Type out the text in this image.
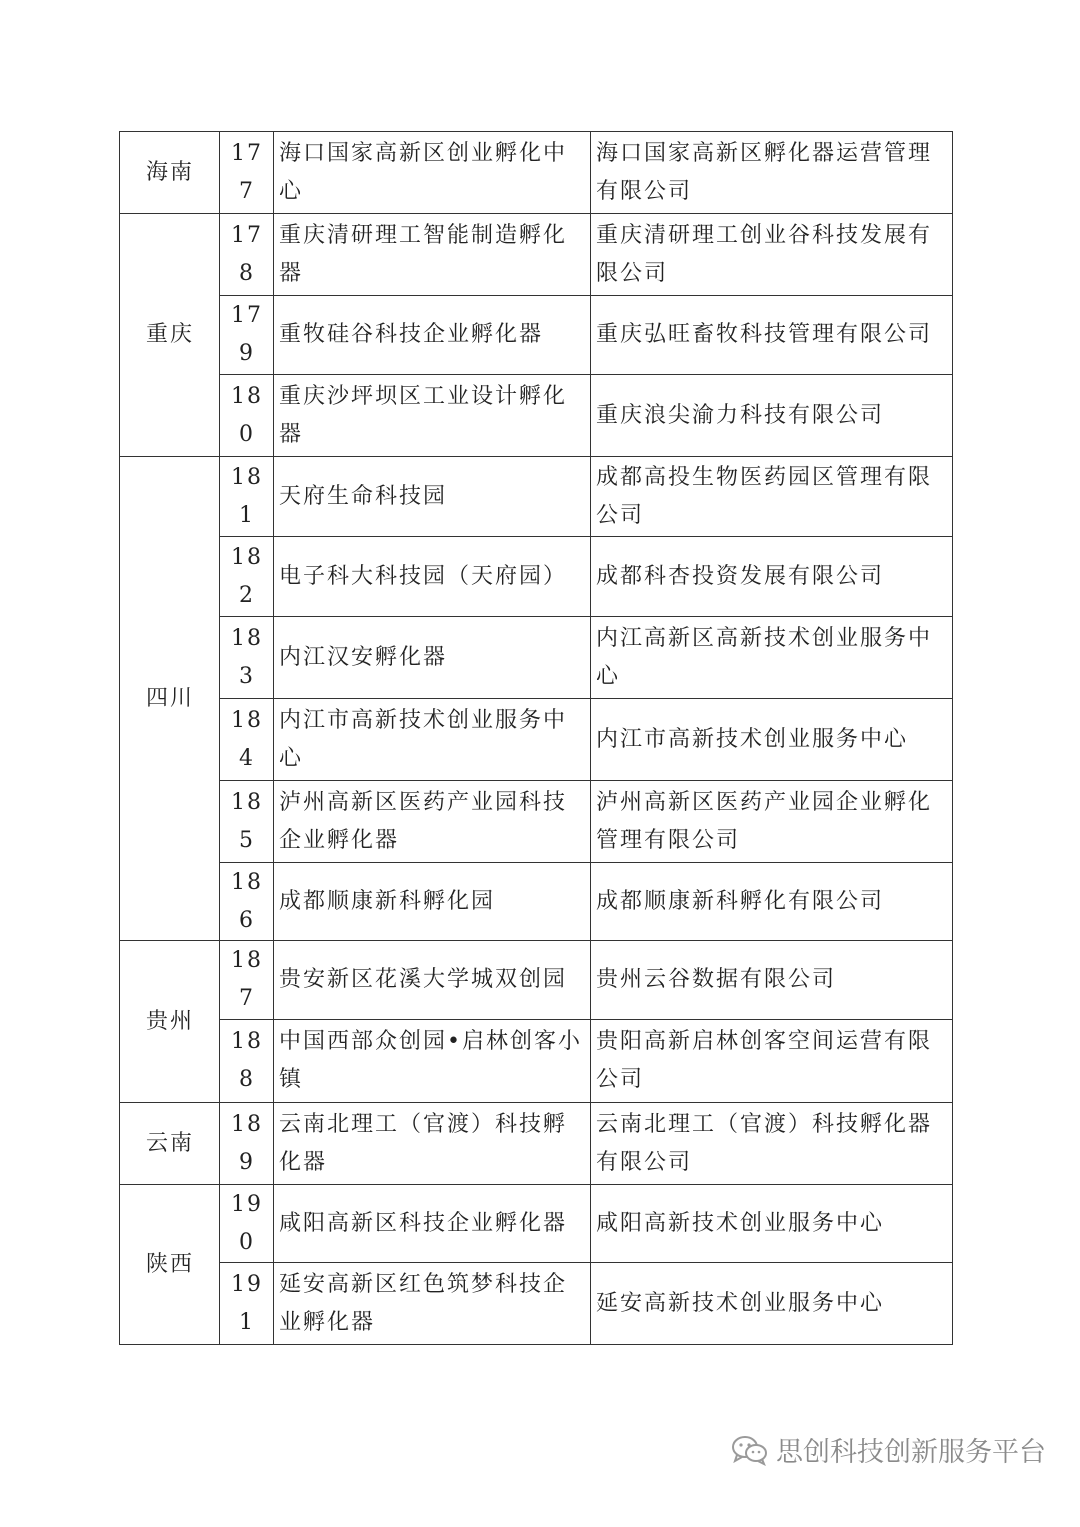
海南	177	海口国家高新区创业孵化中心	海口国家高新区孵化器运营管理有限公司
重庆	178	重庆清研理工智能制造孵化器	重庆清研理工创业谷科技发展有限公司
	179	重牧硅谷科技企业孵化器	重庆弘旺畜牧科技管理有限公司
	180	重庆沙坪坝区工业设计孵化器	重庆浪尖渝力科技有限公司
四川	181	天府生命科技园	成都高投生物医药园区管理有限公司
	182	电子科大科技园（天府园）	成都科杏投资发展有限公司
	183	内江汉安孵化器	内江高新区高新技术创业服务中心
	184	内江市高新技术创业服务中心	内江市高新技术创业服务中心
	185	泸州高新区医药产业园科技企业孵化器	泸州高新区医药产业园企业孵化管理有限公司
	186	成都顺康新科孵化园	成都顺康新科孵化有限公司
贵州	187	贵安新区花溪大学城双创园	贵州云谷数据有限公司
	188	中国西部众创园•启林创客小镇	贵阳高新启林创客空间运营有限公司
云南	189	云南北理工（官渡）科技孵化器	云南北理工（官渡）科技孵化器有限公司
陕西	190	咸阳高新区科技企业孵化器	咸阳高新技术创业服务中心
	191	延安高新区红色筑梦科技企业孵化器	延安高新技术创业服务中心
思创科技创新服务平台
